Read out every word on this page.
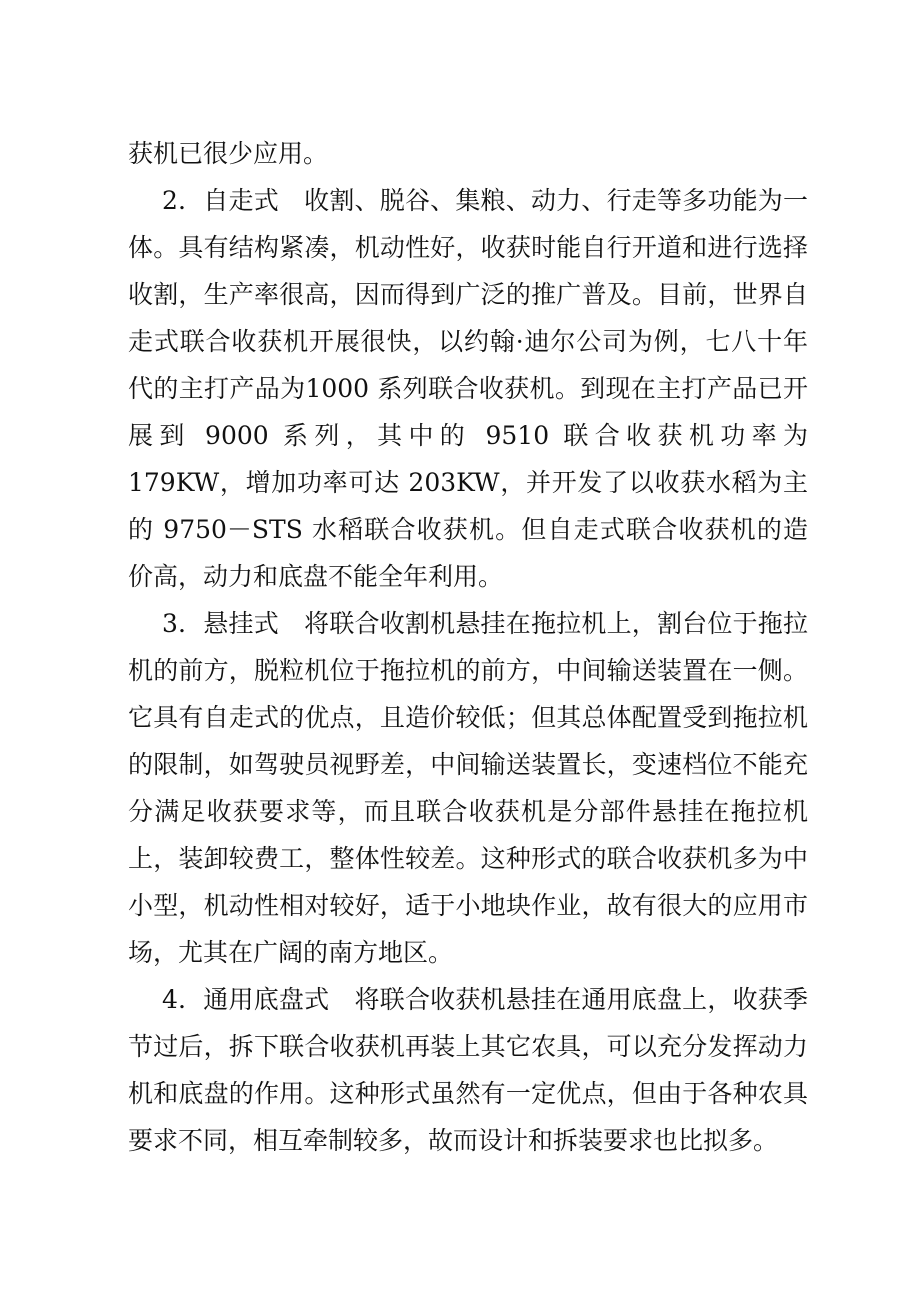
获机已很少应用。

2．自走式　收割、脱谷、集粮、动力、行走等多功能为一体。具有结构紧凑，机动性好，收获时能自行开道和进行选择收割，生产率很高，因而得到广泛的推广普及。目前，世界自走式联合收获机开展很快，以约翰·迪尔公司为例，七八十年代的主打产品为1000 系列联合收获机。到现在主打产品已开展到 9000 系列，其中的 9510 联合收获机功率为 179KW，增加功率可达 203KW，并开发了以收获水稻为主的 9750－STS 水稻联合收获机。但自走式联合收获机的造价高，动力和底盘不能全年利用。

3．悬挂式　将联合收割机悬挂在拖拉机上，割台位于拖拉机的前方，脱粒机位于拖拉机的前方，中间输送装置在一侧。它具有自走式的优点，且造价较低；但其总体配置受到拖拉机的限制，如驾驶员视野差，中间输送装置长，变速档位不能充分满足收获要求等，而且联合收获机是分部件悬挂在拖拉机上，装卸较费工，整体性较差。这种形式的联合收获机多为中小型，机动性相对较好，适于小地块作业，故有很大的应用市场，尤其在广阔的南方地区。

4．通用底盘式　将联合收获机悬挂在通用底盘上，收获季节过后，拆下联合收获机再装上其它农具，可以充分发挥动力机和底盘的作用。这种形式虽然有一定优点，但由于各种农具要求不同，相互牵制较多，故而设计和拆装要求也比拟多。
